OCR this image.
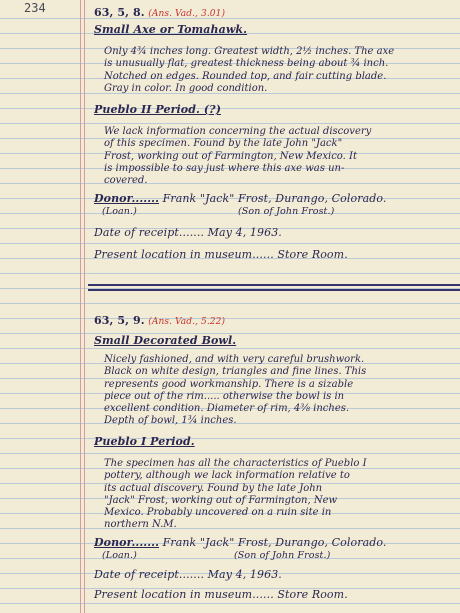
234	63, 5, 8. (Ans. Vad., 3.01)
Small Axe or Tomahawk.
Only 4¾ inches long. Greatest width, 2½ inches. The axe
is unusually flat, greatest thickness being about ¾ inch.
Notched on edges. Rounded top, and fair cutting blade.
Gray in color. In good condition.
Pueblo II Period. (?)
We lack information concerning the actual discovery
of this specimen. Found by the late John "Jack"
Frost, working out of Farmington, New Mexico. It
is impossible to say just where this axe was un-
covered.
Donor....... Frank "Jack" Frost, Durango, Colorado.
(Loan.)	(Son of John Frost.)
Date of receipt....... May 4, 1963.
Present location in museum...... Store Room.
63, 5, 9. (Ans. Vad., 5.22)
Small Decorated Bowl.
Nicely fashioned, and with very careful brushwork.
Black on white design, triangles and fine lines. This
represents good workmanship. There is a sizable
piece out of the rim..... otherwise the bowl is in
excellent condition. Diameter of rim, 4⅜ inches.
Depth of bowl, 1¾ inches.
Pueblo I Period.
The specimen has all the characteristics of Pueblo I
pottery, although we lack information relative to
its actual discovery. Found by the late John
"Jack" Frost, working out of Farmington, New
Mexico. Probably uncovered on a ruin site in
northern N.M.
Donor....... Frank "Jack" Frost, Durango, Colorado.
(Loan.)	(Son of John Frost.)
Date of receipt....... May 4, 1963.
Present location in museum...... Store Room.
